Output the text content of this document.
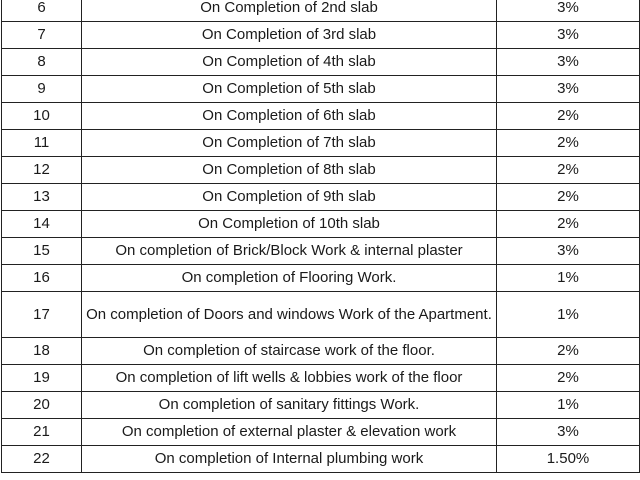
6	On Completion of 2nd slab	3%
7	On Completion of 3rd slab	3%
8	On Completion of 4th slab	3%
9	On Completion of 5th slab	3%
10	On Completion of 6th slab	2%
11	On Completion of 7th slab	2%
12	On Completion of 8th slab	2%
13	On Completion of 9th slab	2%
14	On Completion of 10th slab	2%
15	On completion of Brick/Block Work & internal plaster	3%
16	On completion of Flooring Work.	1%
17	On completion of Doors and windows Work of the Apartment.	1%
18	On completion of staircase work of the floor.	2%
19	On completion of lift wells & lobbies work of the floor	2%
20	On completion of sanitary fittings Work.	1%
21	On completion of external plaster & elevation work	3%
22	On completion of Internal plumbing work	1.50%
